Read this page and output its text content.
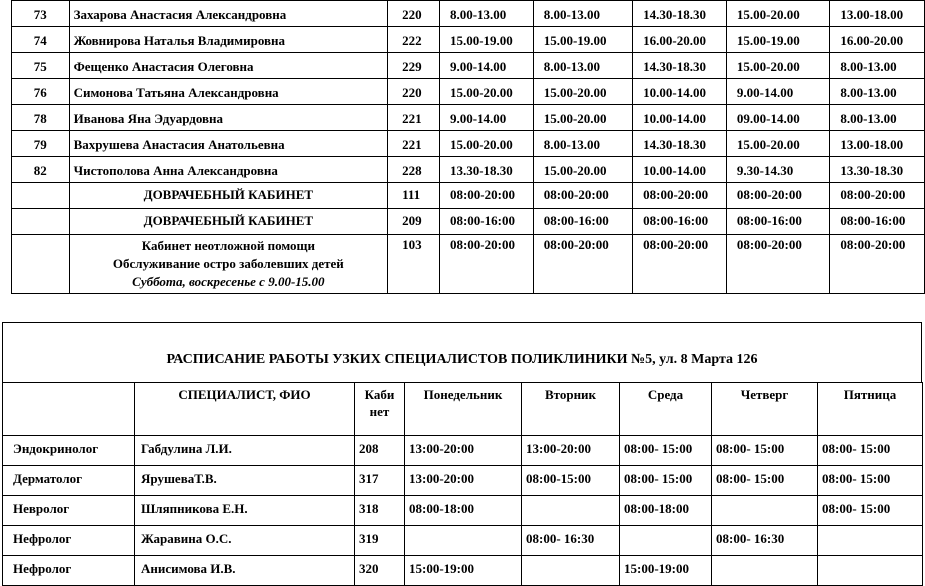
73	Захарова Анастасия Александровна	220	8.00-13.00	8.00-13.00	14.30-18.30	15.00-20.00	13.00-18.00
74	Жовнирова Наталья Владимировна	222	15.00-19.00	15.00-19.00	16.00-20.00	15.00-19.00	16.00-20.00
75	Фещенко Анастасия Олеговна	229	9.00-14.00	8.00-13.00	14.30-18.30	15.00-20.00	8.00-13.00
76	Симонова Татьяна Александровна	220	15.00-20.00	15.00-20.00	10.00-14.00	9.00-14.00	8.00-13.00
78	Иванова Яна Эдуардовна	221	9.00-14.00	15.00-20.00	10.00-14.00	09.00-14.00	8.00-13.00
79	Вахрушева Анастасия Анатольевна	221	15.00-20.00	8.00-13.00	14.30-18.30	15.00-20.00	13.00-18.00
82	Чистополова Анна Александровна	228	13.30-18.30	15.00-20.00	10.00-14.00	9.30-14.30	13.30-18.30
	ДОВРАЧЕБНЫЙ КАБИНЕТ	111	08:00-20:00	08:00-20:00	08:00-20:00	08:00-20:00	08:00-20:00
	ДОВРАЧЕБНЫЙ КАБИНЕТ	209	08:00-16:00	08:00-16:00	08:00-16:00	08:00-16:00	08:00-16:00

	Кабинет неотложной помощи
Обслуживание остро заболевших детей
Суббота, воскресенье с 9.00-15.00	103	08:00-20:00	08:00-20:00	08:00-20:00	08:00-20:00	08:00-20:00
РАСПИСАНИЕ РАБОТЫ УЗКИХ СПЕЦИАЛИСТОВ ПОЛИКЛИНИКИ №5, ул. 8 Марта 126
	СПЕЦИАЛИСТ, ФИО	Каби нет	Понедельник	Вторник	Среда	Четверг	Пятница
Эндокринолог	Габдулина Л.И.	208	13:00-20:00	13:00-20:00	08:00- 15:00	08:00- 15:00	08:00- 15:00
Дерматолог	ЯрушеваТ.В.	317	13:00-20:00	08:00-15:00	08:00- 15:00	08:00- 15:00	08:00- 15:00
Невролог	Шляпникова Е.Н.	318	08:00-18:00		08:00-18:00		08:00- 15:00
Нефролог	Жаравина О.С.	319		08:00- 16:30		08:00- 16:30	
Нефролог	Анисимова И.В.	320	15:00-19:00		15:00-19:00		
